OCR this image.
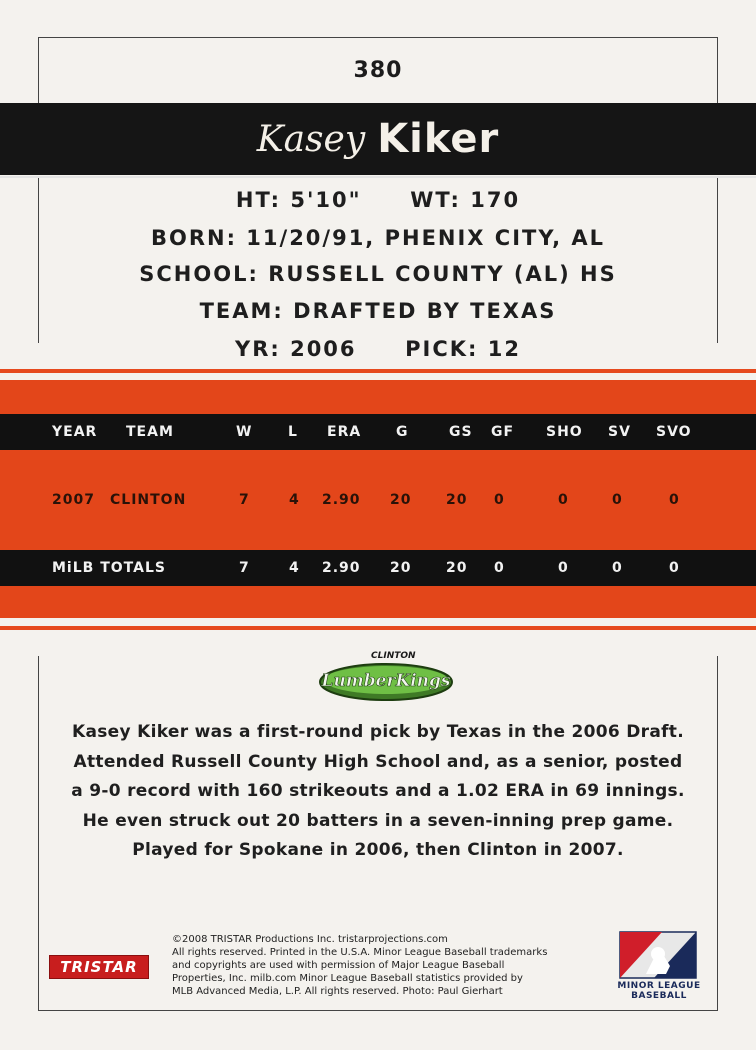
380
Kasey Kiker
HT: 5'10" WT: 170
BORN: 11/20/91, PHENIX CITY, AL
SCHOOL: RUSSELL COUNTY (AL) HS
TEAM: DRAFTED BY TEXAS
YR: 2006 PICK: 12
YEAR TEAM	W	L ERA G	GS GF SHO SV SVO
2007 CLINTON	7	4 2.90 20 20 0	0	0	0
MiLB TOTALS	7	4 2.90 20 20 0	0	0	0
CLINTON
LumberKings
Kasey Kiker was a first-round pick by Texas in the 2006 Draft.
Attended Russell County High School and, as a senior, posted
a 9-0 record with 160 strikeouts and a 1.02 ERA in 69 innings.
He even struck out 20 batters in a seven-inning prep game.
Played for Spokane in 2006, then Clinton in 2007.
TRISTAR
©2008 TRISTAR Productions Inc. tristarprojections.com
All rights reserved. Printed in the U.S.A. Minor League Baseball trademarks
and copyrights are used with permission of Major League Baseball
Properties, Inc. milb.com Minor League Baseball statistics provided by
MLB Advanced Media, L.P. All rights reserved. Photo: Paul Gierhart	MINOR LEAGUE
BASEBALL
